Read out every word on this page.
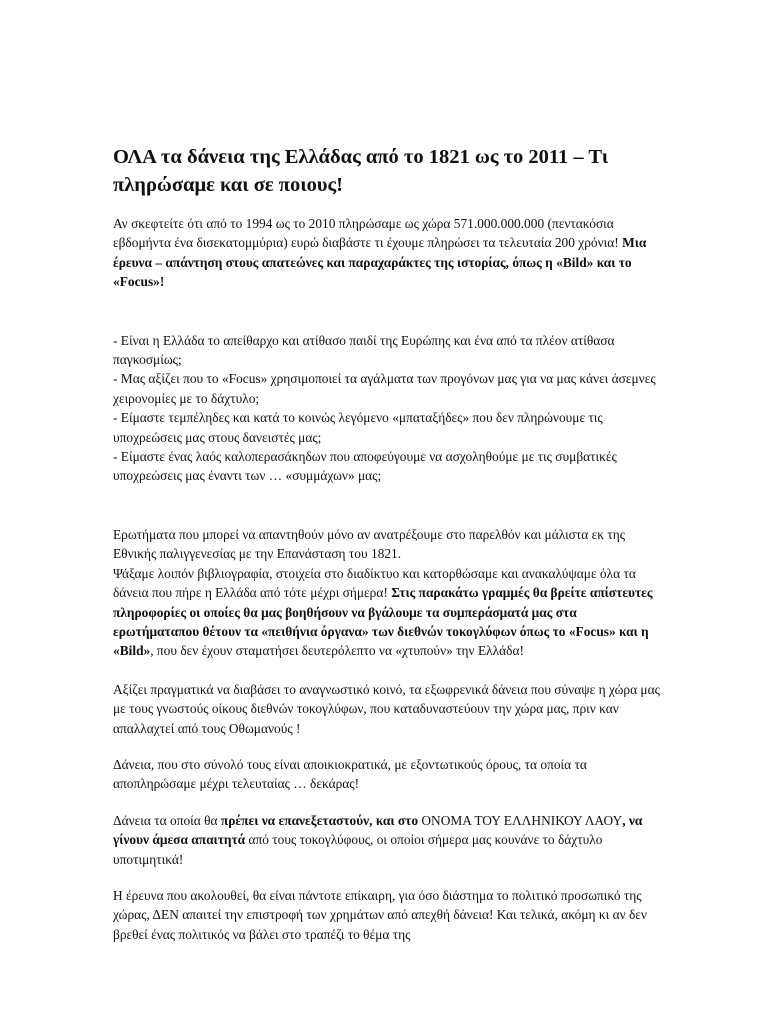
ΟΛΑ τα δάνεια της Ελλάδας από το 1821 ως το 2011 – Τι πληρώσαμε και σε ποιους!

Αν σκεφτείτε ότι από το 1994 ως το 2010 πληρώσαμε ως χώρα 571.000.000.000 (πεντακόσια εβδομήντα ένα δισεκατομμύρια) ευρώ διαβάστε τι έχουμε πληρώσει τα τελευταία 200 χρόνια! Μια έρευνα – απάντηση στους απατεώνες και παραχαράκτες της ιστορίας, όπως η «Bild» και το «Focus»!

- Είναι η Ελλάδα το απείθαρχο και ατίθασο παιδί της Ευρώπης και ένα από τα πλέον ατίθασα παγκοσμίως;

- Μας αξίζει που το «Focus» χρησιμοποιεί τα αγάλματα των προγόνων μας για να μας κάνει άσεμνες χειρονομίες με το δάχτυλο;

- Είμαστε τεμπέληδες και κατά το κοινώς λεγόμενο «μπαταξήδες» που δεν πληρώνουμε τις υποχρεώσεις μας στους δανειστές μας;

- Είμαστε ένας λαός καλοπερασάκηδων που αποφεύγουμε να ασχοληθούμε με τις συμβατικές υποχρεώσεις μας έναντι των … «συμμάχων» μας;

Ερωτήματα που μπορεί να απαντηθούν μόνο αν ανατρέξουμε στο παρελθόν και μάλιστα εκ της Εθνικής παλιγγενεσίας με την Επανάσταση του 1821.
Ψάξαμε λοιπόν βιβλιογραφία, στοιχεία στο διαδίκτυο και κατορθώσαμε και ανακαλύψαμε όλα τα δάνεια που πήρε η Ελλάδα από τότε μέχρι σήμερα! Στις παρακάτω γραμμές θα βρείτε απίστευτες πληροφορίες οι οποίες θα μας βοηθήσουν να βγάλουμε τα συμπεράσματά μας στα ερωτήματαπου θέτουν τα «πειθήνια όργανα» των διεθνών τοκογλύφων όπως το «Focus» και η «Bild», που δεν έχουν σταματήσει δευτερόλεπτο να «χτυπούν» την Ελλάδα!

Αξίζει πραγματικά να διαβάσει το αναγνωστικό κοινό, τα εξωφρενικά δάνεια που σύναψε η χώρα μας με τους γνωστούς οίκους διεθνών τοκογλύφων, που καταδυναστεύουν την χώρα μας, πριν καν απαλλαχτεί από τους Οθωμανούς !

Δάνεια, που στο σύνολό τους είναι αποικιοκρατικά, με εξοντωτικούς όρους, τα οποία τα αποπληρώσαμε μέχρι τελευταίας … δεκάρας!

Δάνεια τα οποία θα πρέπει να επανεξεταστούν, και στο ΟΝΟΜΑ ΤΟΥ ΕΛΛΗΝΙΚΟΥ ΛΑΟΥ, να γίνουν άμεσα απαιτητά από τους τοκογλύφους, οι οποίοι σήμερα μας κουνάνε το δάχτυλο υποτιμητικά!

Η έρευνα που ακολουθεί, θα είναι πάντοτε επίκαιρη, για όσο διάστημα το πολιτικό προσωπικό της χώρας, ΔΕΝ απαιτεί την επιστροφή των χρημάτων από απεχθή δάνεια! Και τελικά, ακόμη κι αν δεν βρεθεί ένας πολιτικός να βάλει στο τραπέζι το θέμα της
